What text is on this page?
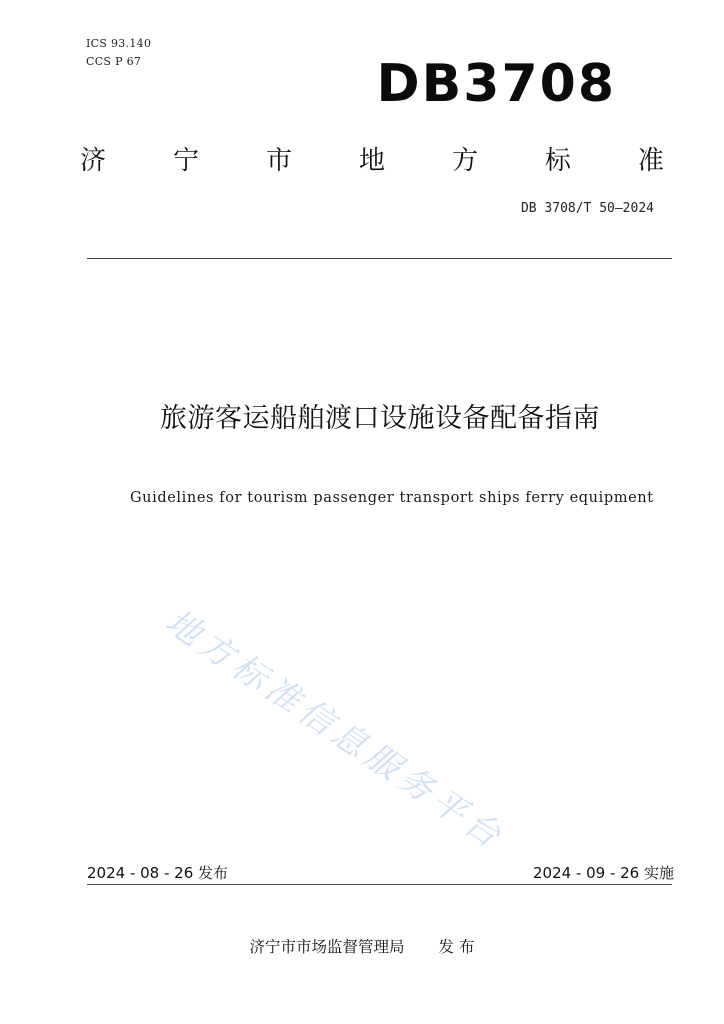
ICS 93.140
CCS P 67	DB3708
济	宁	市	地	方	标	准
DB 3708/T 50—2024
旅游客运船舶渡口设施设备配备指南
Guidelines for tourism passenger transport ships ferry equipment
地方标准信息服务平台
2024 - 08 - 26 发布	2024 - 09 - 26 实施
济宁市市场监督管理局 发 布
